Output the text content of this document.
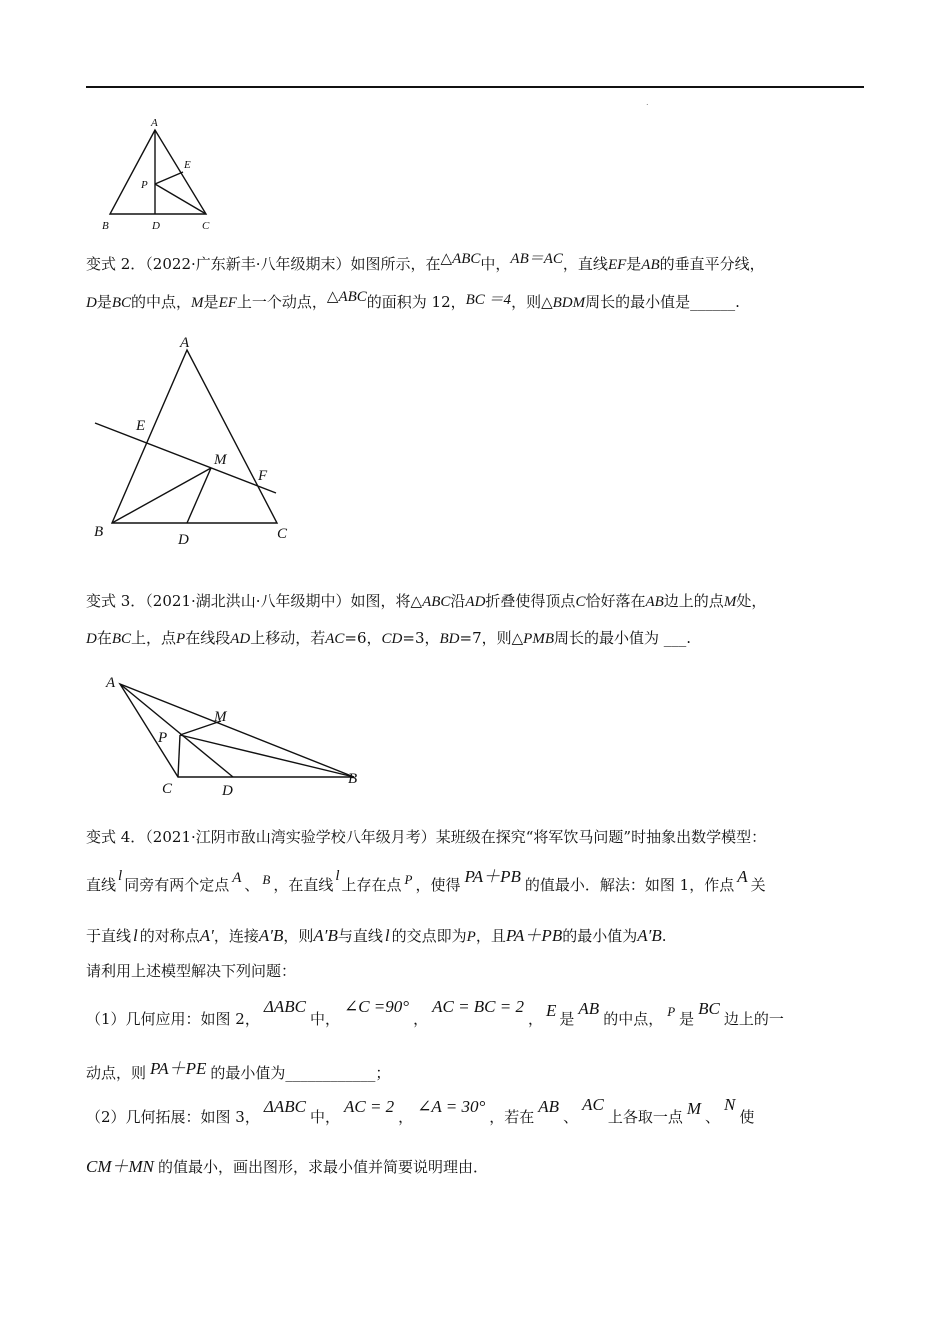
.
A
E
P
B	D	C
变式 2．（2022·广东新丰·八年级期末）如图所示，在△ABC中，AB＝AC，直线EF是AB的垂直平分线，
D是BC的中点，M是EF上一个动点，△ABC的面积为 12，BC ＝4，则△BDM周长的最小值是______.
A
E
M
F
B	D	C
变式 3．（2021·湖北洪山·八年级期中）如图，将△ABC沿AD折叠使得顶点C恰好落在AB边上的点M处，
D在BC上，点P在线段AD上移动，若AC=6，CD=3，BD=7，则△PMB周长的最小值为 ___.
A
M
P
B
C	D
变式 4．（2021·江阴市敔山湾实验学校八年级月考）某班级在探究“将军饮马问题”时抽象出数学模型：
直线 l 同旁有两个定点 A 、 B ，在直线 l 上存在点 P ，使得 PA＋PB 的值最小．解法：如图 1，作点 A 关
于直线 l 的对称点A′，连接A′B，则A′B与直线 l 的交点即为P，且PA＋PB的最小值为A′B.
请利用上述模型解决下列问题：
（1）几何应用：如图 2，ΔABC中，∠C =90°，AC = BC = 2， E 是AB的中点， P 是BC边上的一
动点，则 PA＋PE 的最小值为____________；
（2）几何拓展：如图 3，ΔABC中，AC = 2，∠A = 30°，若在AB、AC上各取一点 M 、N使
CM＋MN 的值最小，画出图形，求最小值并简要说明理由．
